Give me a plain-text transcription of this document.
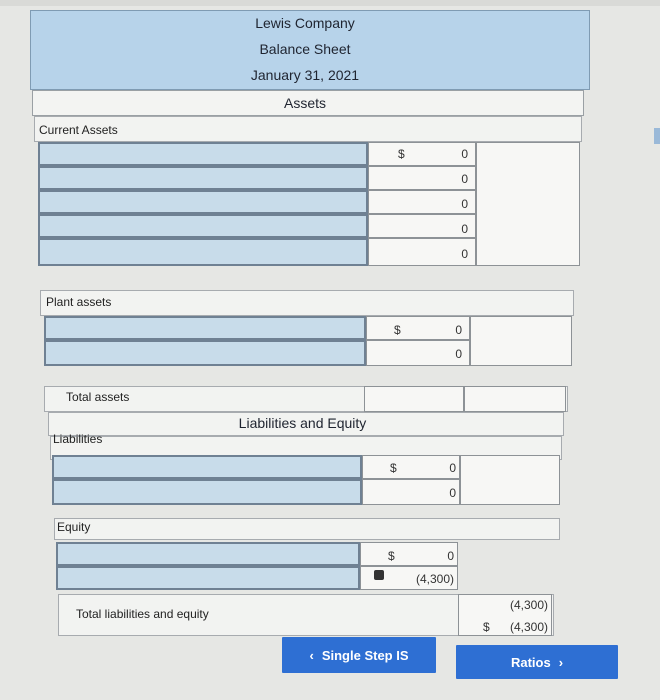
Lewis Company
Balance Sheet
January 31, 2021
Assets
Current Assets
$	0
0
0
0
0
Plant assets
$	0
0
Total assets
Liabilities and Equity
Liabilities
$	0
0
Equity
$	0
(4,300)
Total liabilities and equity
(4,300)
$	(4,300)
‹ Single Step IS	Ratios ›
